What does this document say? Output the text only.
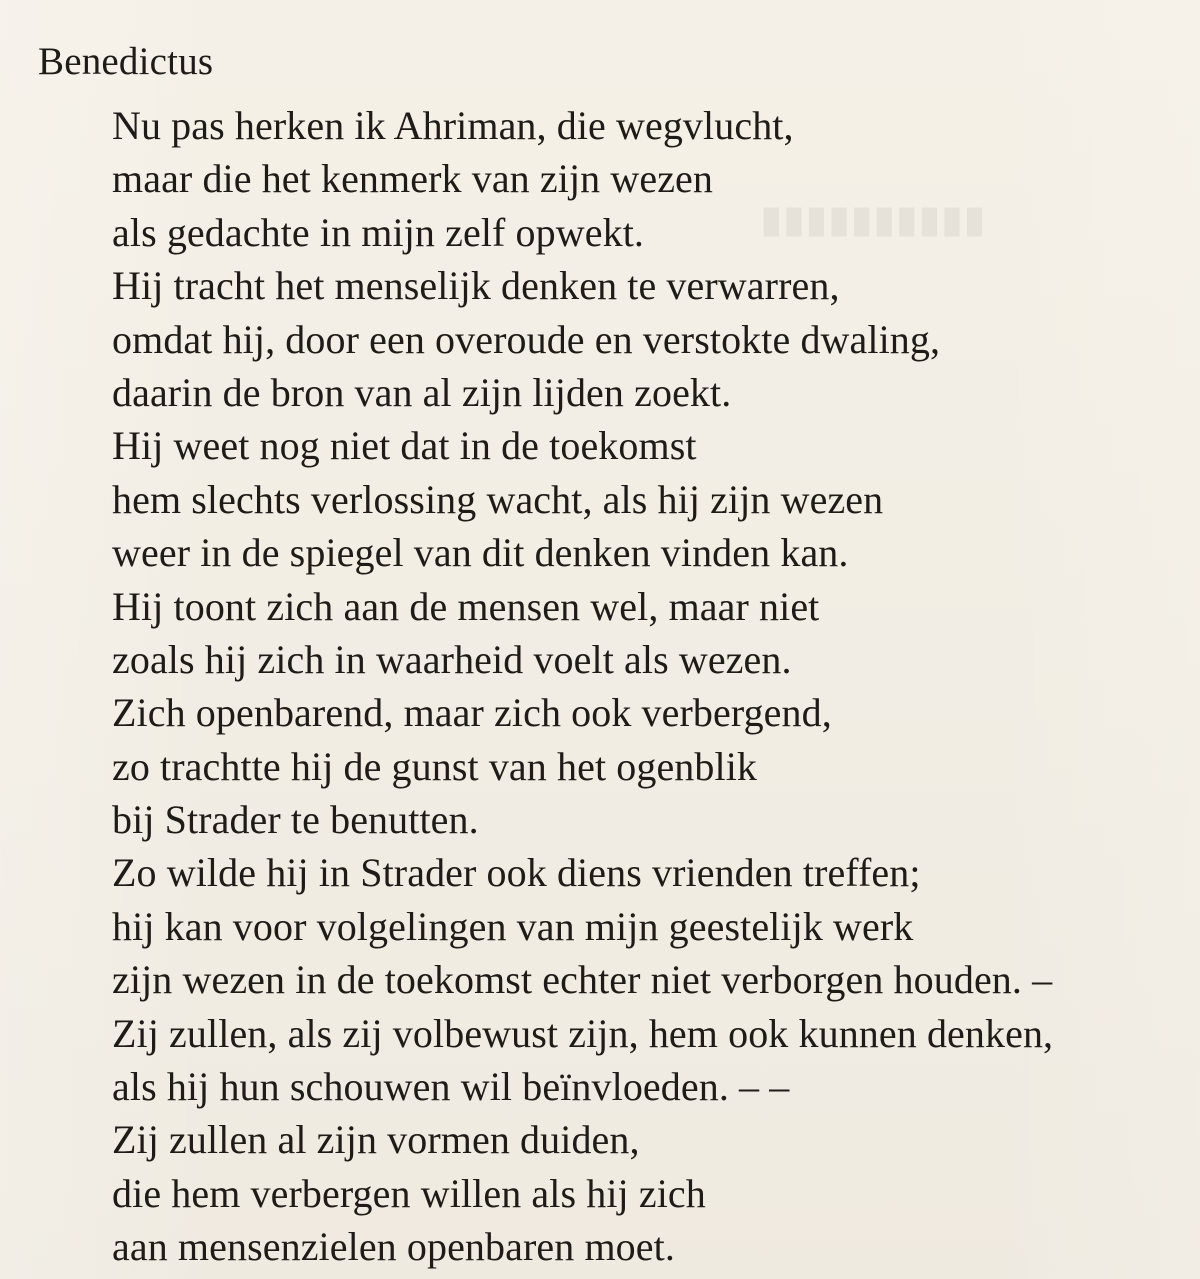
▮▮▮▮▮▮▮▮▮▮
Benedictus
Nu pas herken ik Ahriman, die wegvlucht,
maar die het kenmerk van zijn wezen
als gedachte in mijn zelf opwekt.
Hij tracht het menselijk denken te verwarren,
omdat hij, door een overoude en verstokte dwaling,
daarin de bron van al zijn lijden zoekt.
Hij weet nog niet dat in de toekomst
hem slechts verlossing wacht, als hij zijn wezen
weer in de spiegel van dit denken vinden kan.
Hij toont zich aan de mensen wel, maar niet
zoals hij zich in waarheid voelt als wezen.
Zich openbarend, maar zich ook verbergend,
zo trachtte hij de gunst van het ogenblik
bij Strader te benutten.
Zo wilde hij in Strader ook diens vrienden treffen;
hij kan voor volgelingen van mijn geestelijk werk
zijn wezen in de toekomst echter niet verborgen houden. –
Zij zullen, als zij volbewust zijn, hem ook kunnen denken,
als hij hun schouwen wil beïnvloeden. – –
Zij zullen al zijn vormen duiden,
die hem verbergen willen als hij zich
aan mensenzielen openbaren moet.
